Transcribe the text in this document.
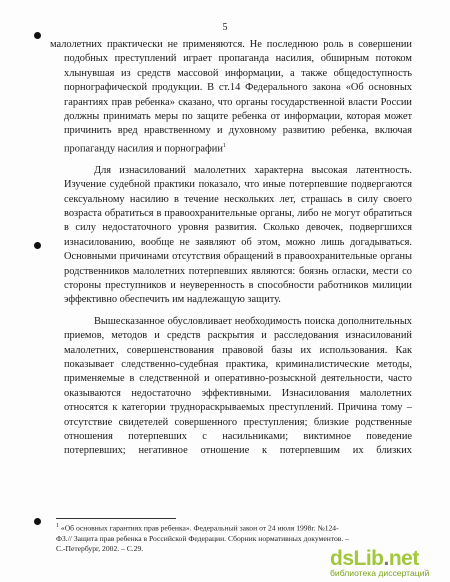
5
малолетних практически не применяются. Не последнюю роль в совершении
подобных преступлений играет пропаганда насилия, обширным потоком
хлынувшая из средств массовой информации, а также общедоступность
порнографической продукции. В ст.14 Федерального закона «Об основных
гарантиях прав ребенка» сказано, что органы государственной власти России
должны принимать меры по защите ребенка от информации, которая может
причинить вред нравственному и духовному развитию ребенка, включая
пропаганду насилия и порнографии$^1$
Для изнасилований малолетних характерна высокая латентность.
Изучение судебной практики показало, что иные потерпевшие подвергаются
сексуальному насилию в течение нескольких лет, страшась в силу своего
возраста обратиться в правоохранительные органы, либо не могут обратиться
в силу недостаточного уровня развития. Сколько девочек, подвергшихся
изнасилованию, вообще не заявляют об этом, можно лишь догадываться.
Основными причинами отсутствия обращений в правоохранительные органы
родственников малолетних потерпевших являются: боязнь огласки, мести со
стороны преступников и неуверенность в способности работников милиции
эффективно обеспечить им надлежащую защиту.
Вышесказанное обусловливает необходимость поиска дополнительных
приемов, методов и средств раскрытия и расследования изнасилований
малолетних, совершенствования правовой базы их использования. Как
показывает следственно-судебная практика, криминалистические методы,
применяемые в следственной и оперативно-розыскной деятельности, часто
оказываются недостаточно эффективными. Изнасилования малолетних
относятся к категории труднораскрываемых преступлений. Причина тому –
отсутствие свидетелей совершенного преступления; близкие родственные
отношения потерпевших с насильниками; виктимное поведение
потерпевших; негативное отношение к потерпевшим их близких
$^1$ «Об основных гарантиях прав ребенка». Федеральный закон от 24 июля 1998г. №124-
ФЗ.// Защита прав ребенка в Российской Федерации. Сборник нормативных документов. –
С.-Петербург, 2002. – С.29.	dsLib.net
библиотека диссертаций
